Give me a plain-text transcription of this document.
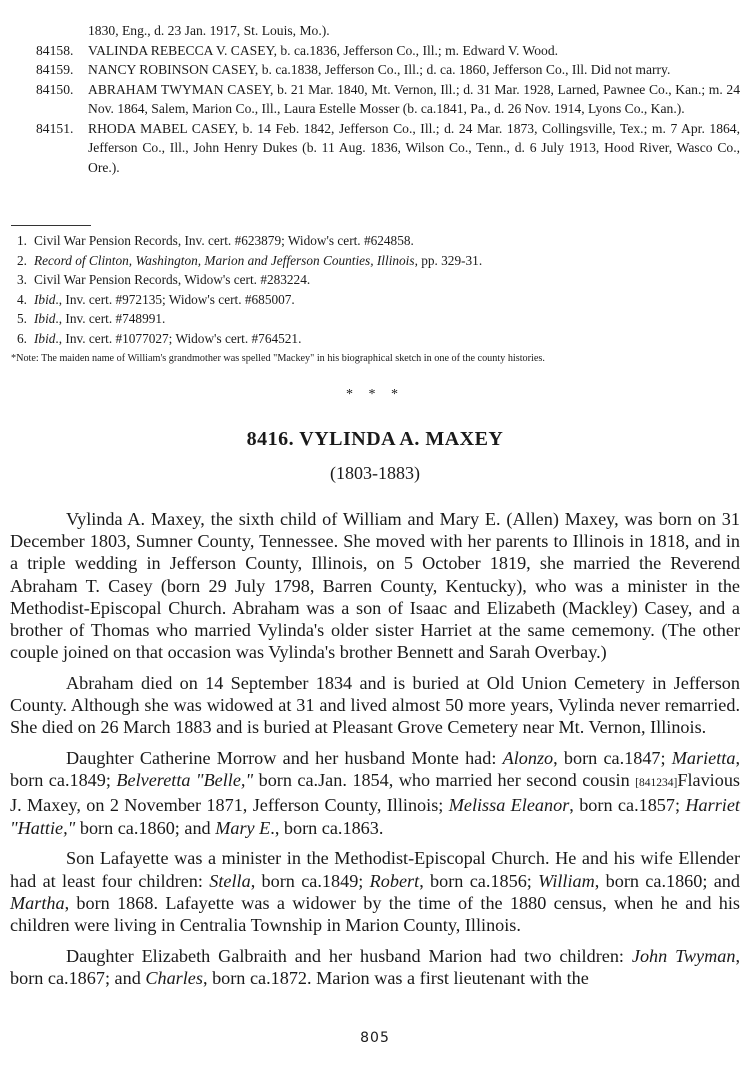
1830, Eng., d. 23 Jan. 1917, St. Louis, Mo.).
84158. VALINDA REBECCA V. CASEY, b. ca.1836, Jefferson Co., Ill.; m. Edward V. Wood.
84159. NANCY ROBINSON CASEY, b. ca.1838, Jefferson Co., Ill.; d. ca. 1860, Jefferson Co., Ill. Did not marry.
84150. ABRAHAM TWYMAN CASEY, b. 21 Mar. 1840, Mt. Vernon, Ill.; d. 31 Mar. 1928, Larned, Pawnee Co., Kan.; m. 24 Nov. 1864, Salem, Marion Co., Ill., Laura Estelle Mosser (b. ca.1841, Pa., d. 26 Nov. 1914, Lyons Co., Kan.).
84151. RHODA MABEL CASEY, b. 14 Feb. 1842, Jefferson Co., Ill.; d. 24 Mar. 1873, Collingsville, Tex.; m. 7 Apr. 1864, Jefferson Co., Ill., John Henry Dukes (b. 11 Aug. 1836, Wilson Co., Tenn., d. 6 July 1913, Hood River, Wasco Co., Ore.).
1. Civil War Pension Records, Inv. cert. #623879; Widow's cert. #624858.
2. Record of Clinton, Washington, Marion and Jefferson Counties, Illinois, pp. 329-31.
3. Civil War Pension Records, Widow's cert. #283224.
4. Ibid., Inv. cert. #972135; Widow's cert. #685007.
5. Ibid., Inv. cert. #748991.
6. Ibid., Inv. cert. #1077027; Widow's cert. #764521.
*Note: The maiden name of William's grandmother was spelled "Mackey" in his biographical sketch in one of the county histories.
* * *
8416. VYLINDA A. MAXEY
(1803-1883)

Vylinda A. Maxey, the sixth child of William and Mary E. (Allen) Maxey, was born on 31 December 1803, Sumner County, Tennessee. She moved with her parents to Illinois in 1818, and in a triple wedding in Jefferson County, Illinois, on 5 October 1819, she married the Reverend Abraham T. Casey (born 29 July 1798, Barren County, Kentucky), who was a minister in the Methodist-Episcopal Church. Abraham was a son of Isaac and Elizabeth (Mackley) Casey, and a brother of Thomas who married Vylinda's older sister Harriet at the same cememony. (The other couple joined on that occasion was Vylinda's brother Bennett and Sarah Overbay.)

Abraham died on 14 September 1834 and is buried at Old Union Cemetery in Jefferson County. Although she was widowed at 31 and lived almost 50 more years, Vylinda never remarried. She died on 26 March 1883 and is buried at Pleasant Grove Cemetery near Mt. Vernon, Illinois.

Daughter Catherine Morrow and her husband Monte had: Alonzo, born ca.1847; Marietta, born ca.1849; Belveretta "Belle," born ca.Jan. 1854, who married her second cousin [841234]Flavious J. Maxey, on 2 November 1871, Jefferson County, Illinois; Melissa Eleanor, born ca.1857; Harriet "Hattie," born ca.1860; and Mary E., born ca.1863.

Son Lafayette was a minister in the Methodist-Episcopal Church. He and his wife Ellender had at least four children: Stella, born ca.1849; Robert, born ca.1856; William, born ca.1860; and Martha, born 1868. Lafayette was a widower by the time of the 1880 census, when he and his children were living in Centralia Township in Marion County, Illinois.

Daughter Elizabeth Galbraith and her husband Marion had two children: John Twyman, born ca.1867; and Charles, born ca.1872. Marion was a first lieutenant with the

805
